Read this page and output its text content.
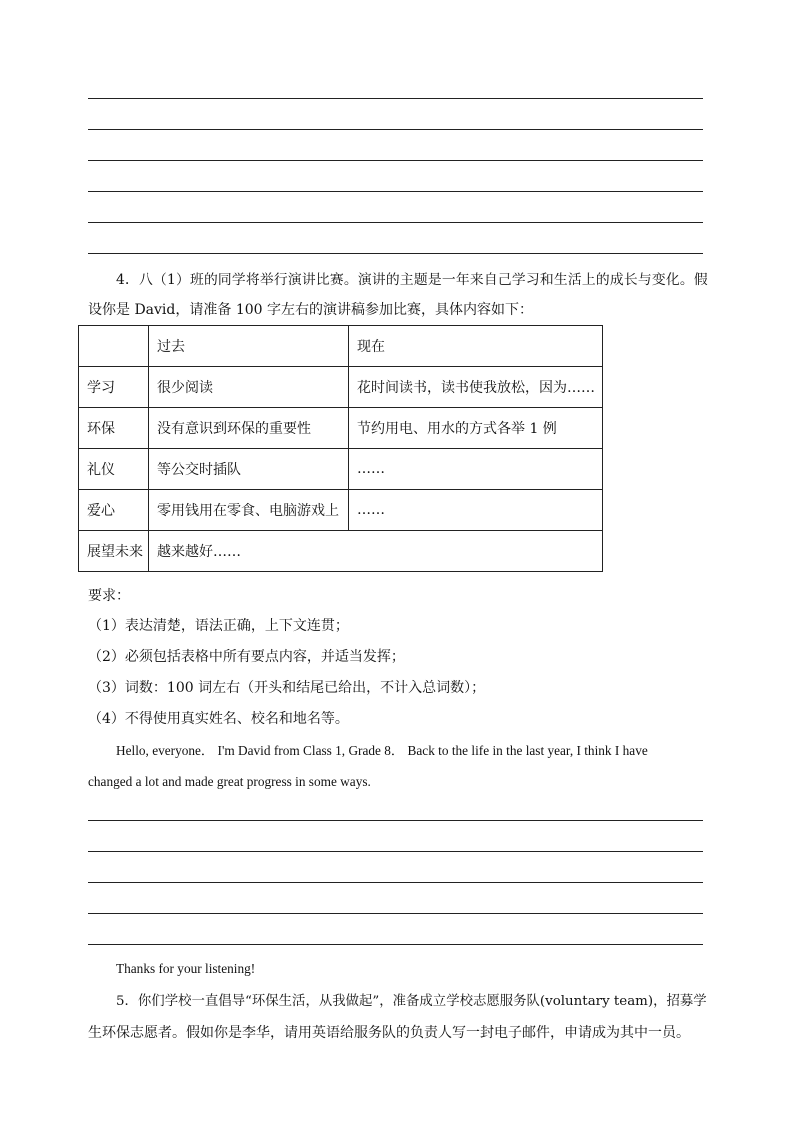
4．八（1）班的同学将举行演讲比赛。演讲的主题是一年来自己学习和生活上的成长与变化。假
设你是 David，请准备 100 字左右的演讲稿参加比赛，具体内容如下：
	过去	现在
学习	很少阅读	花时间读书，读书使我放松，因为……
环保	没有意识到环保的重要性	节约用电、用水的方式各举 1 例
礼仪	等公交时插队	……
爱心	零用钱用在零食、电脑游戏上	……
展望未来	越来越好……	
要求：
（1）表达清楚，语法正确，上下文连贯；
（2）必须包括表格中所有要点内容，并适当发挥；
（3）词数：100 词左右（开头和结尾已给出，不计入总词数）；
（4）不得使用真实姓名、校名和地名等。
Hello, everyone． I'm David from Class 1, Grade 8． Back to the life in the last year, I think I have
changed a lot and made great progress in some ways.
Thanks for your listening!
5．你们学校一直倡导“环保生活，从我做起”，准备成立学校志愿服务队(voluntary team)，招募学
生环保志愿者。假如你是李华，请用英语给服务队的负责人写一封电子邮件，申请成为其中一员。
